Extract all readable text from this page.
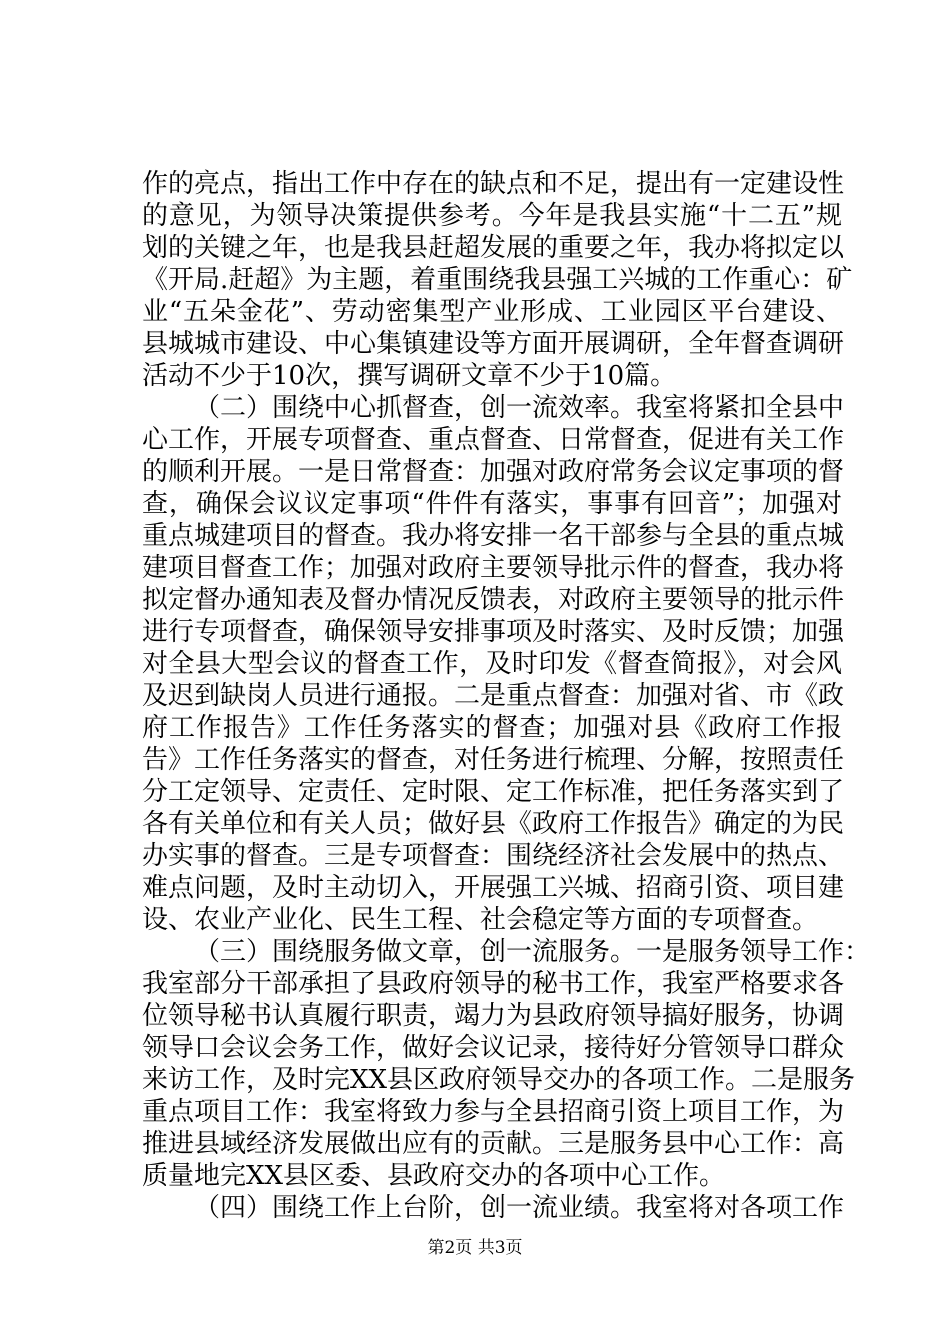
作的亮点，指出工作中存在的缺点和不足，提出有一定建设性
的意见，为领导决策提供参考。今年是我县实施“十二五”规
划的关键之年，也是我县赶超发展的重要之年，我办将拟定以
《开局.赶超》为主题，着重围绕我县强工兴城的工作重心：矿
业“五朵金花”、劳动密集型产业形成、工业园区平台建设、
县城城市建设、中心集镇建设等方面开展调研，全年督查调研
活动不少于10次，撰写调研文章不少于10篇。
（二）围绕中心抓督查，创一流效率。我室将紧扣全县中
心工作，开展专项督查、重点督查、日常督查，促进有关工作
的顺利开展。一是日常督查：加强对政府常务会议定事项的督
查，确保会议议定事项“件件有落实，事事有回音”；加强对
重点城建项目的督查。我办将安排一名干部参与全县的重点城
建项目督查工作；加强对政府主要领导批示件的督查，我办将
拟定督办通知表及督办情况反馈表，对政府主要领导的批示件
进行专项督查，确保领导安排事项及时落实、及时反馈；加强
对全县大型会议的督查工作，及时印发《督查简报》，对会风
及迟到缺岗人员进行通报。二是重点督查：加强对省、市《政
府工作报告》工作任务落实的督查；加强对县《政府工作报
告》工作任务落实的督查，对任务进行梳理、分解，按照责任
分工定领导、定责任、定时限、定工作标准，把任务落实到了
各有关单位和有关人员；做好县《政府工作报告》确定的为民
办实事的督查。三是专项督查：围绕经济社会发展中的热点、
难点问题，及时主动切入，开展强工兴城、招商引资、项目建
设、农业产业化、民生工程、社会稳定等方面的专项督查。
（三）围绕服务做文章，创一流服务。一是服务领导工作：
我室部分干部承担了县政府领导的秘书工作，我室严格要求各
位领导秘书认真履行职责，竭力为县政府领导搞好服务，协调
领导口会议会务工作，做好会议记录，接待好分管领导口群众
来访工作，及时完XX县区政府领导交办的各项工作。二是服务
重点项目工作：我室将致力参与全县招商引资上项目工作，为
推进县域经济发展做出应有的贡献。三是服务县中心工作：高
质量地完XX县区委、县政府交办的各项中心工作。
（四）围绕工作上台阶，创一流业绩。我室将对各项工作
第2页 共3页
